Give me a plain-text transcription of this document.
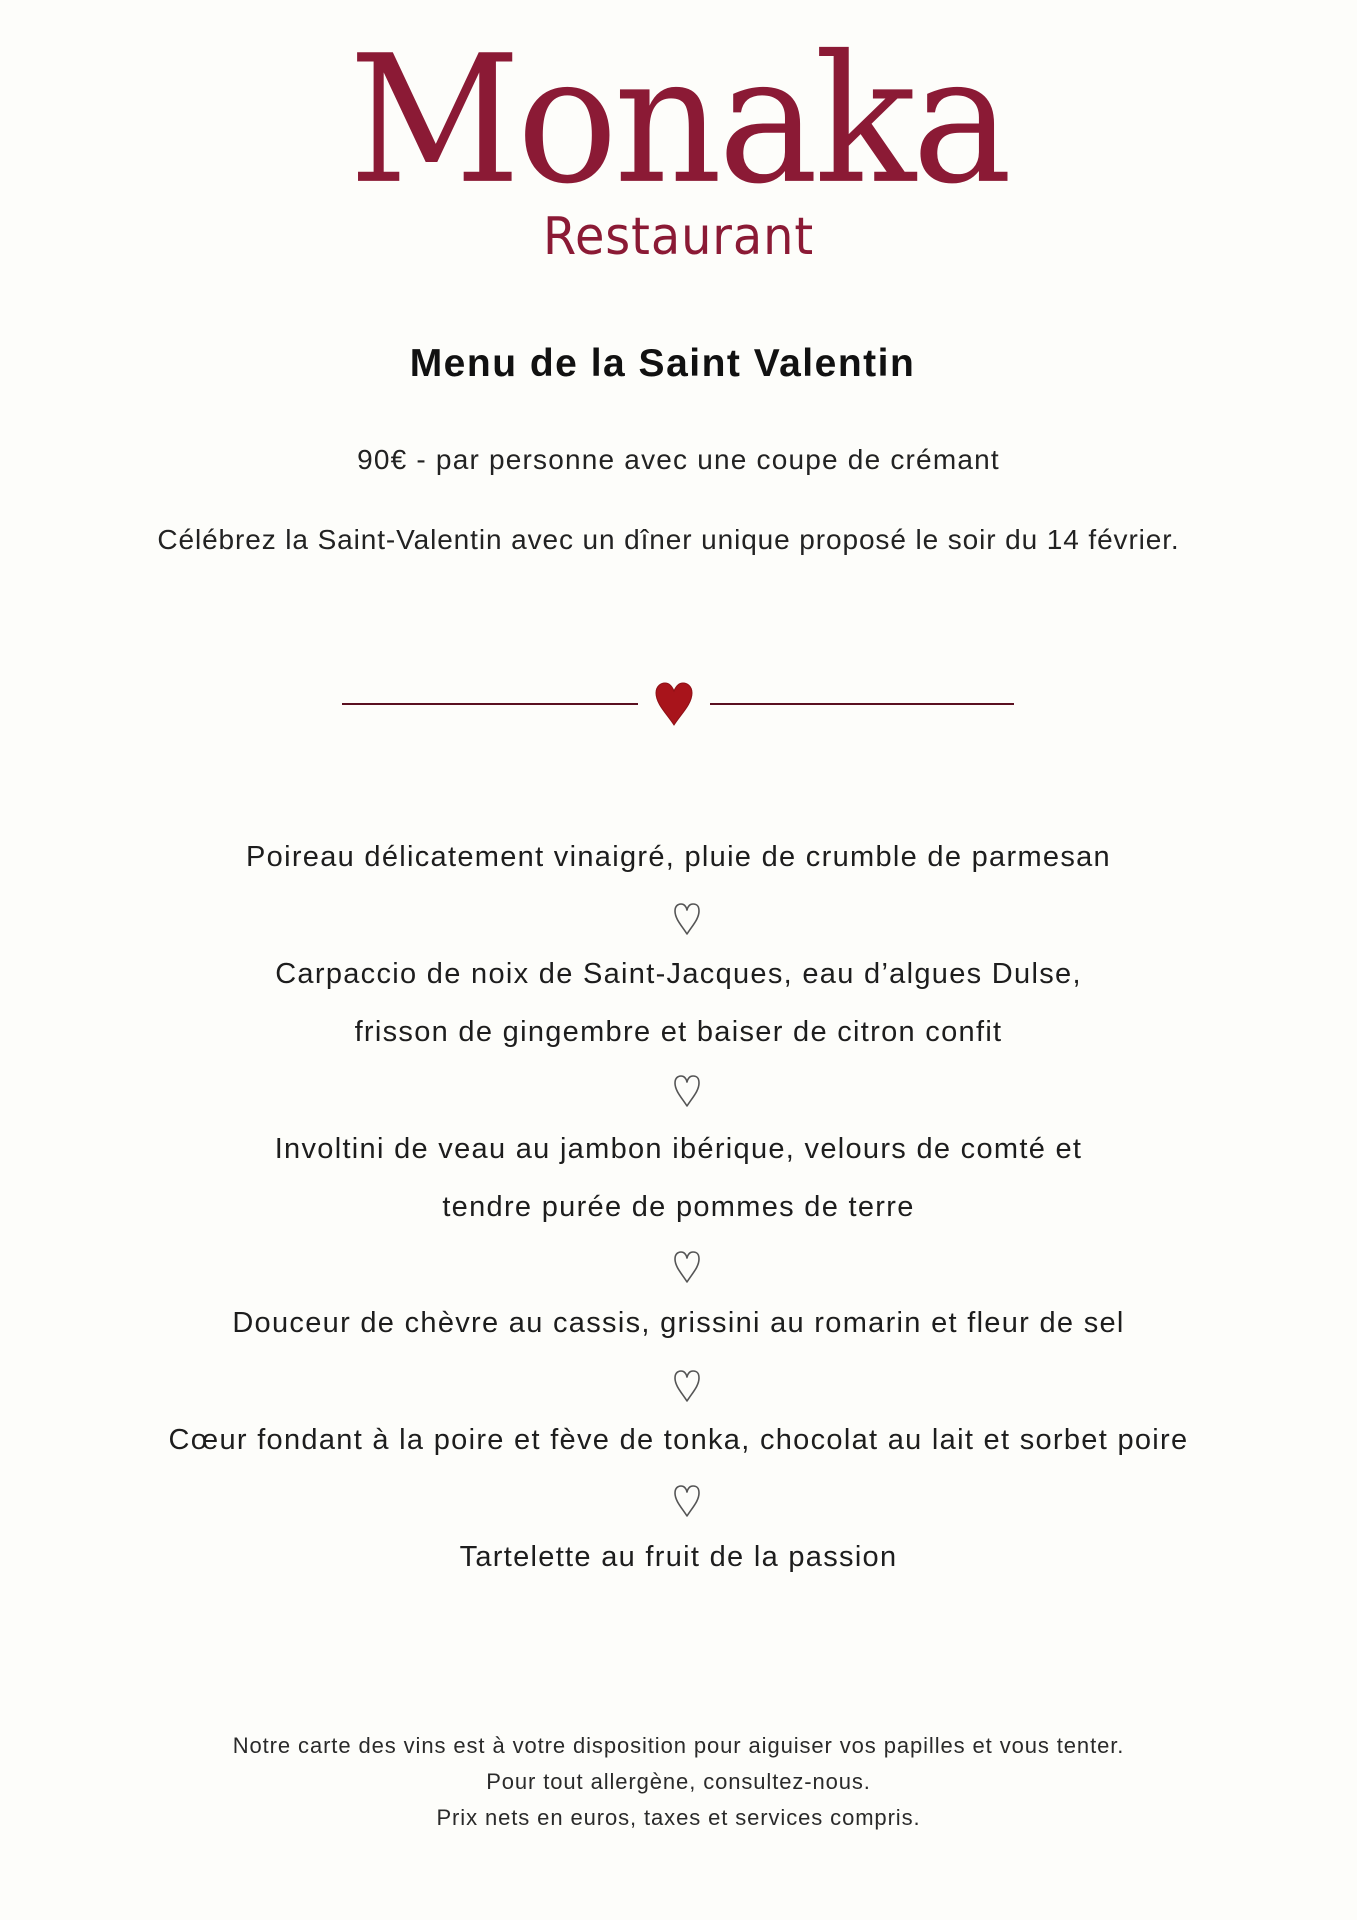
Monaka
Restaurant
Menu de la Saint Valentin
90€ - par personne avec une coupe de crémant
Célébrez la Saint-Valentin avec un dîner unique proposé le soir du 14 février.
Poireau délicatement vinaigré, pluie de crumble de parmesan
Carpaccio de noix de Saint-Jacques, eau d’algues Dulse,
frisson de gingembre et baiser de citron confit
Involtini de veau au jambon ibérique, velours de comté et
tendre purée de pommes de terre
Douceur de chèvre au cassis, grissini au romarin et fleur de sel
Cœur fondant à la poire et fève de tonka, chocolat au lait et sorbet poire
Tartelette au fruit de la passion
Notre carte des vins est à votre disposition pour aiguiser vos papilles et vous tenter.
Pour tout allergène, consultez-nous.
Prix nets en euros, taxes et services compris.
